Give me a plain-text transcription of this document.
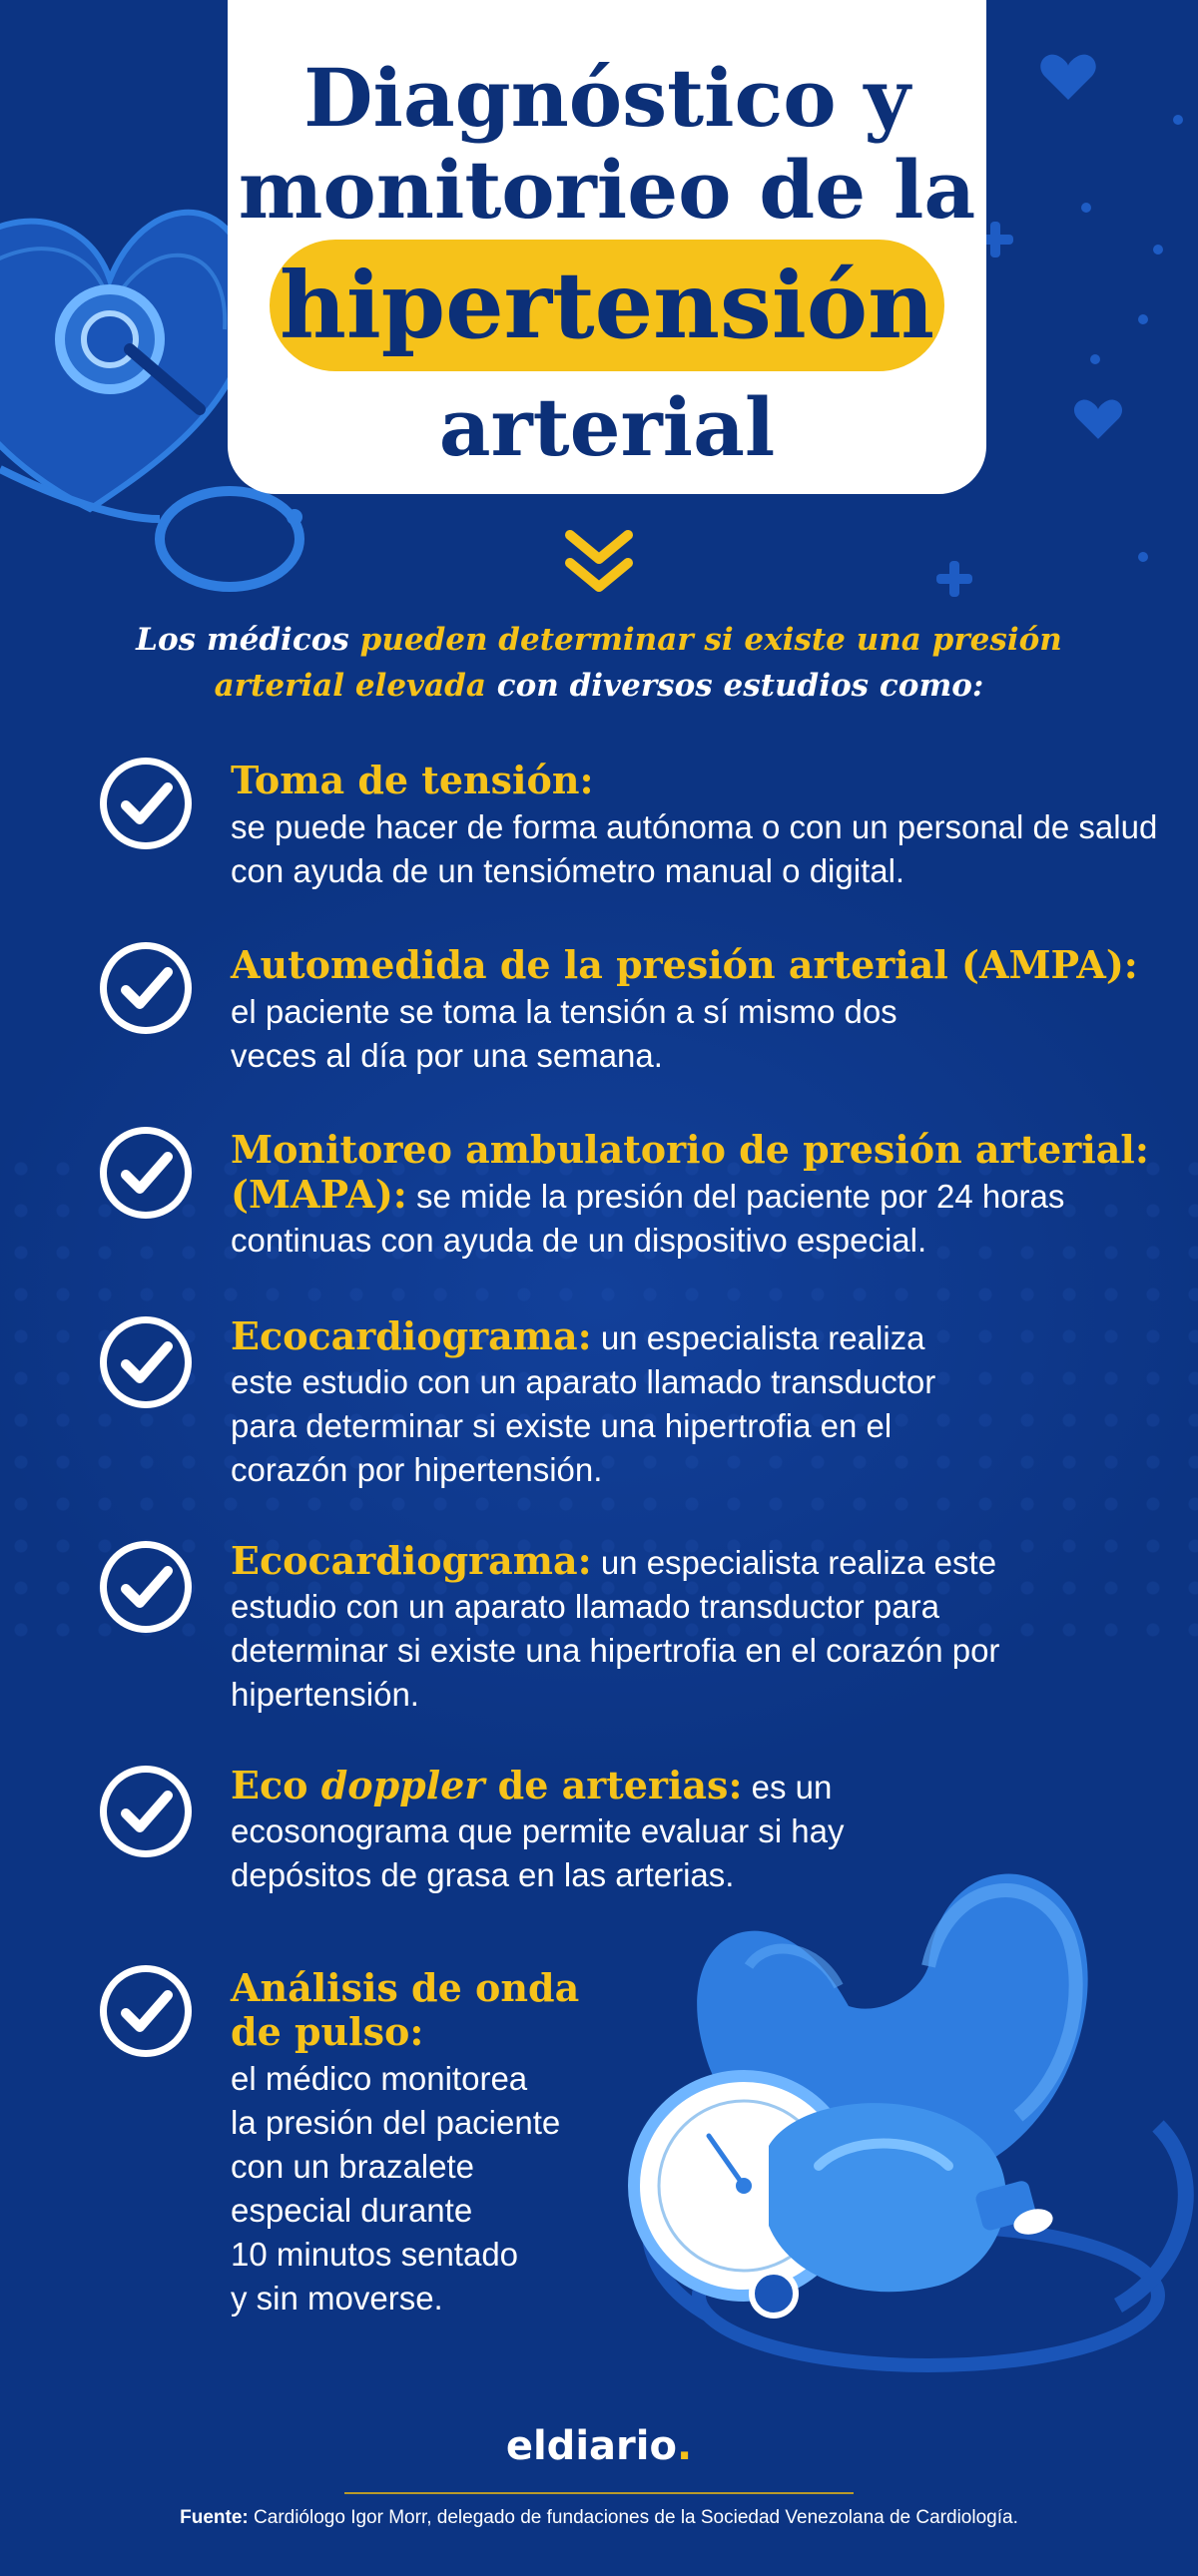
Diagnóstico y
monitorieo de la
hipertensión
arterial
Los médicos pueden determinar si existe una presión arterial elevada con diversos estudios como:
Toma de tensión:
se puede hacer de forma autónoma o con un personal de salud con ayuda de un tensiómetro manual o digital.
Automedida de la presión arterial (AMPA):
el paciente se toma la tensión a sí mismo dos veces al día por una semana.
Monitoreo ambulatorio de presión arterial:
(MAPA): se mide la presión del paciente por 24 horas continuas con ayuda de un dispositivo especial.
Ecocardiograma: un especialista realiza este estudio con un aparato llamado transductor para determinar si existe una hipertrofia en el corazón por hipertensión.
Ecocardiograma: un especialista realiza este estudio con un aparato llamado transductor para determinar si existe una hipertrofia en el corazón por hipertensión.
Eco doppler de arterias: es un ecosonograma que permite evaluar si hay depósitos de grasa en las arterias.
Análisis de onda
de pulso:
el médico monitorea
la presión del paciente
con un brazalete
especial durante
10 minutos sentado
y sin moverse.
eldiario.
Fuente: Cardiólogo Igor Morr, delegado de fundaciones de la Sociedad Venezolana de Cardiología.
